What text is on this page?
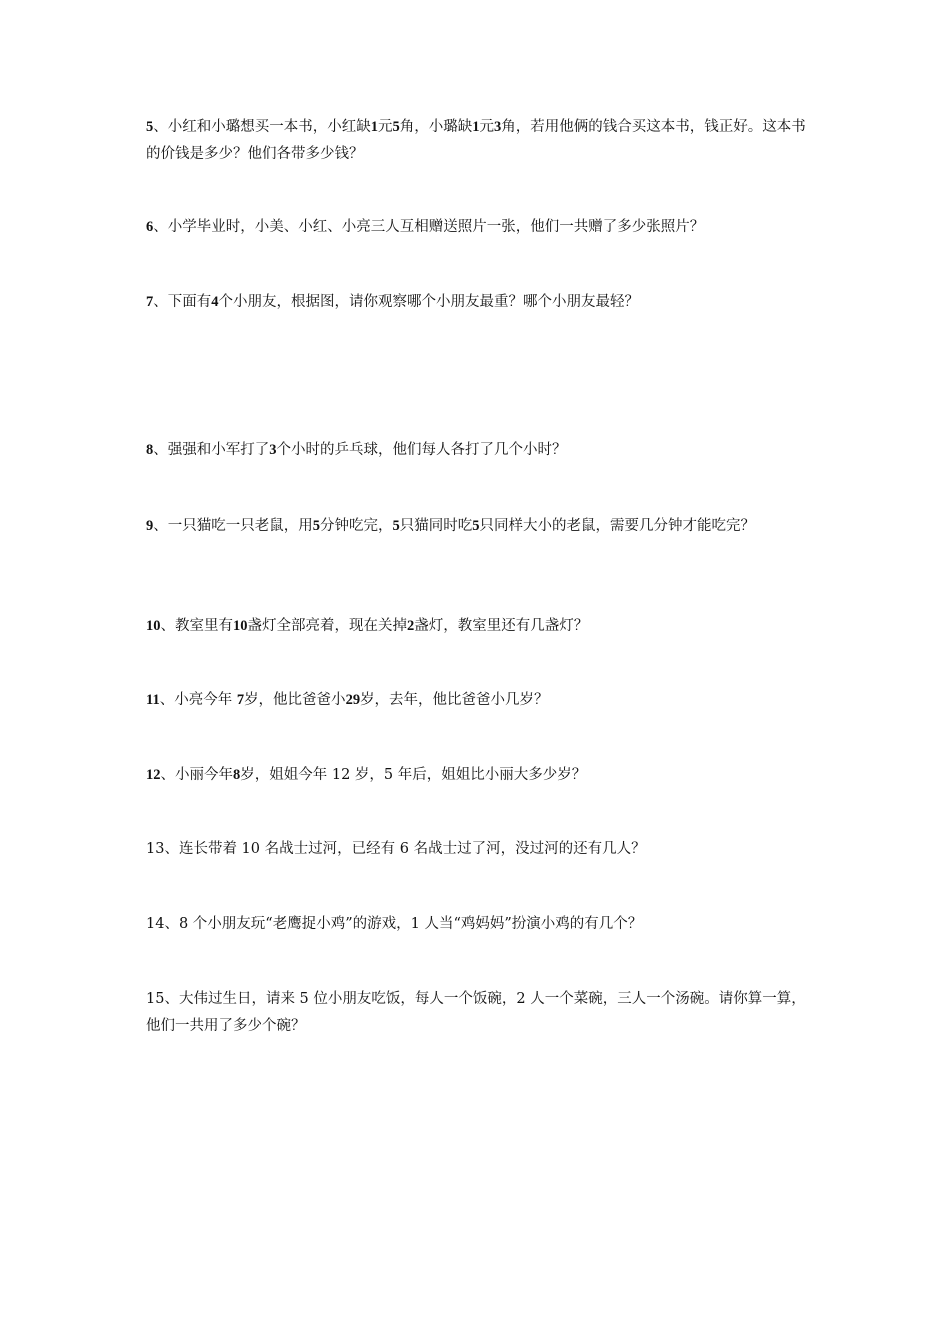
5、小红和小璐想买一本书，小红缺1元5角，小璐缺1元3角，若用他俩的钱合买这本书，钱正好。这本书的价钱是多少？他们各带多少钱？
6、小学毕业时，小美、小红、小亮三人互相赠送照片一张，他们一共赠了多少张照片？
7、下面有4个小朋友，根据图，请你观察哪个小朋友最重？哪个小朋友最轻？
8、强强和小军打了3个小时的乒乓球，他们每人各打了几个小时？
9、一只猫吃一只老鼠，用5分钟吃完，5只猫同时吃5只同样大小的老鼠，需要几分钟才能吃完？
10、教室里有10盏灯全部亮着，现在关掉2盏灯，教室里还有几盏灯？
11、小亮今年 7岁，他比爸爸小29岁，去年，他比爸爸小几岁？
12、小丽今年8岁，姐姐今年 12 岁，5 年后，姐姐比小丽大多少岁？
13、连长带着 10 名战士过河，已经有 6 名战士过了河，没过河的还有几人？
14、8 个小朋友玩“老鹰捉小鸡”的游戏，1 人当“鸡妈妈”扮演小鸡的有几个？
15、大伟过生日，请来 5 位小朋友吃饭，每人一个饭碗，2 人一个菜碗，三人一个汤碗。请你算一算，他们一共用了多少个碗？
